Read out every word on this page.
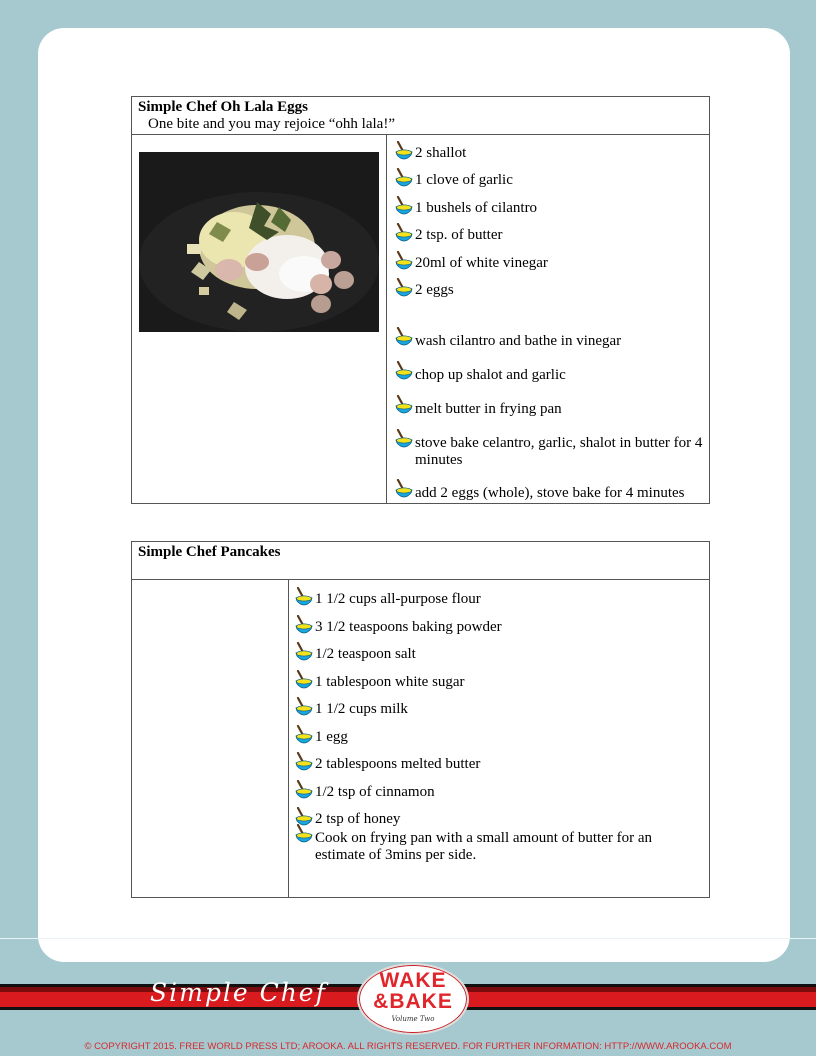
Simple Chef Oh Lala Eggs
One bite and you may rejoice “ohh lala!”
2 shallot
1 clove of garlic
1 bushels of cilantro
2 tsp. of butter
20ml of white vinegar
2 eggs
wash cilantro and bathe in vinegar
chop up shalot and garlic
melt butter in frying pan
stove bake celantro, garlic, shalot in butter for 4 minutes
add 2 eggs (whole), stove bake for 4 minutes
Simple Chef Pancakes
1 1/2 cups all-purpose flour
3 1/2 teaspoons baking powder
1/2 teaspoon salt
1 tablespoon white sugar
1 1/2 cups milk
1 egg
2 tablespoons melted butter
1/2 tsp of cinnamon
2 tsp of honey
Cook on frying pan with a small amount of butter for an estimate of 3mins per side.
Simple Chef	WAKE
&BAKE
Volume Two
© COPYRIGHT 2015. FREE WORLD PRESS LTD; AROOKA. ALL RIGHTS RESERVED. FOR FURTHER INFORMATION: HTTP://WWW.AROOKA.COM
